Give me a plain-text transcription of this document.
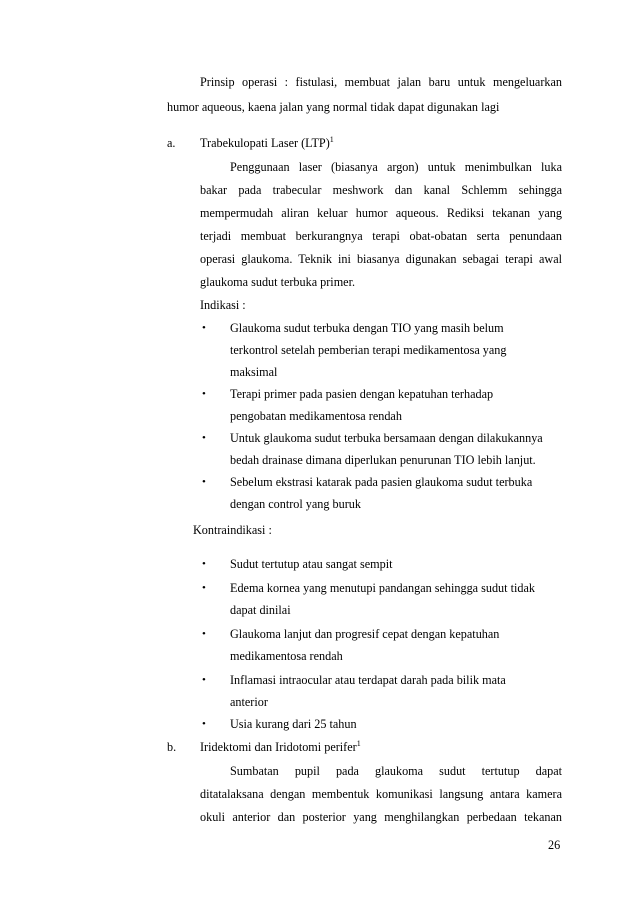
Prinsip operasi : fistulasi, membuat jalan baru untuk mengeluarkan
humor aqueous, kaena jalan yang normal tidak dapat digunakan lagi
a. Trabekulopati Laser (LTP)$^1$
Penggunaan laser (biasanya argon) untuk menimbulkan luka
bakar pada trabecular meshwork dan kanal Schlemm sehingga
mempermudah aliran keluar humor aqueous. Rediksi tekanan yang
terjadi membuat berkurangnya terapi obat-obatan serta penundaan
operasi glaukoma. Teknik ini biasanya digunakan sebagai terapi awal
glaukoma sudut terbuka primer.
Indikasi :
• Glaukoma sudut terbuka dengan TIO yang masih belum
terkontrol setelah pemberian terapi medikamentosa yang
maksimal
• Terapi primer pada pasien dengan kepatuhan terhadap
pengobatan medikamentosa rendah
• Untuk glaukoma sudut terbuka bersamaan dengan dilakukannya
bedah drainase dimana diperlukan penurunan TIO lebih lanjut.
• Sebelum ekstrasi katarak pada pasien glaukoma sudut terbuka
dengan control yang buruk
Kontraindikasi :
• Sudut tertutup atau sangat sempit
• Edema kornea yang menutupi pandangan sehingga sudut tidak
dapat dinilai
• Glaukoma lanjut dan progresif cepat dengan kepatuhan
medikamentosa rendah
• Inflamasi intraocular atau terdapat darah pada bilik mata
anterior
• Usia kurang dari 25 tahun
b. Iridektomi dan Iridotomi perifer$^1$
Sumbatan pupil pada glaukoma sudut tertutup dapat
ditatalaksana dengan membentuk komunikasi langsung antara kamera
okuli anterior dan posterior yang menghilangkan perbedaan tekanan
26
